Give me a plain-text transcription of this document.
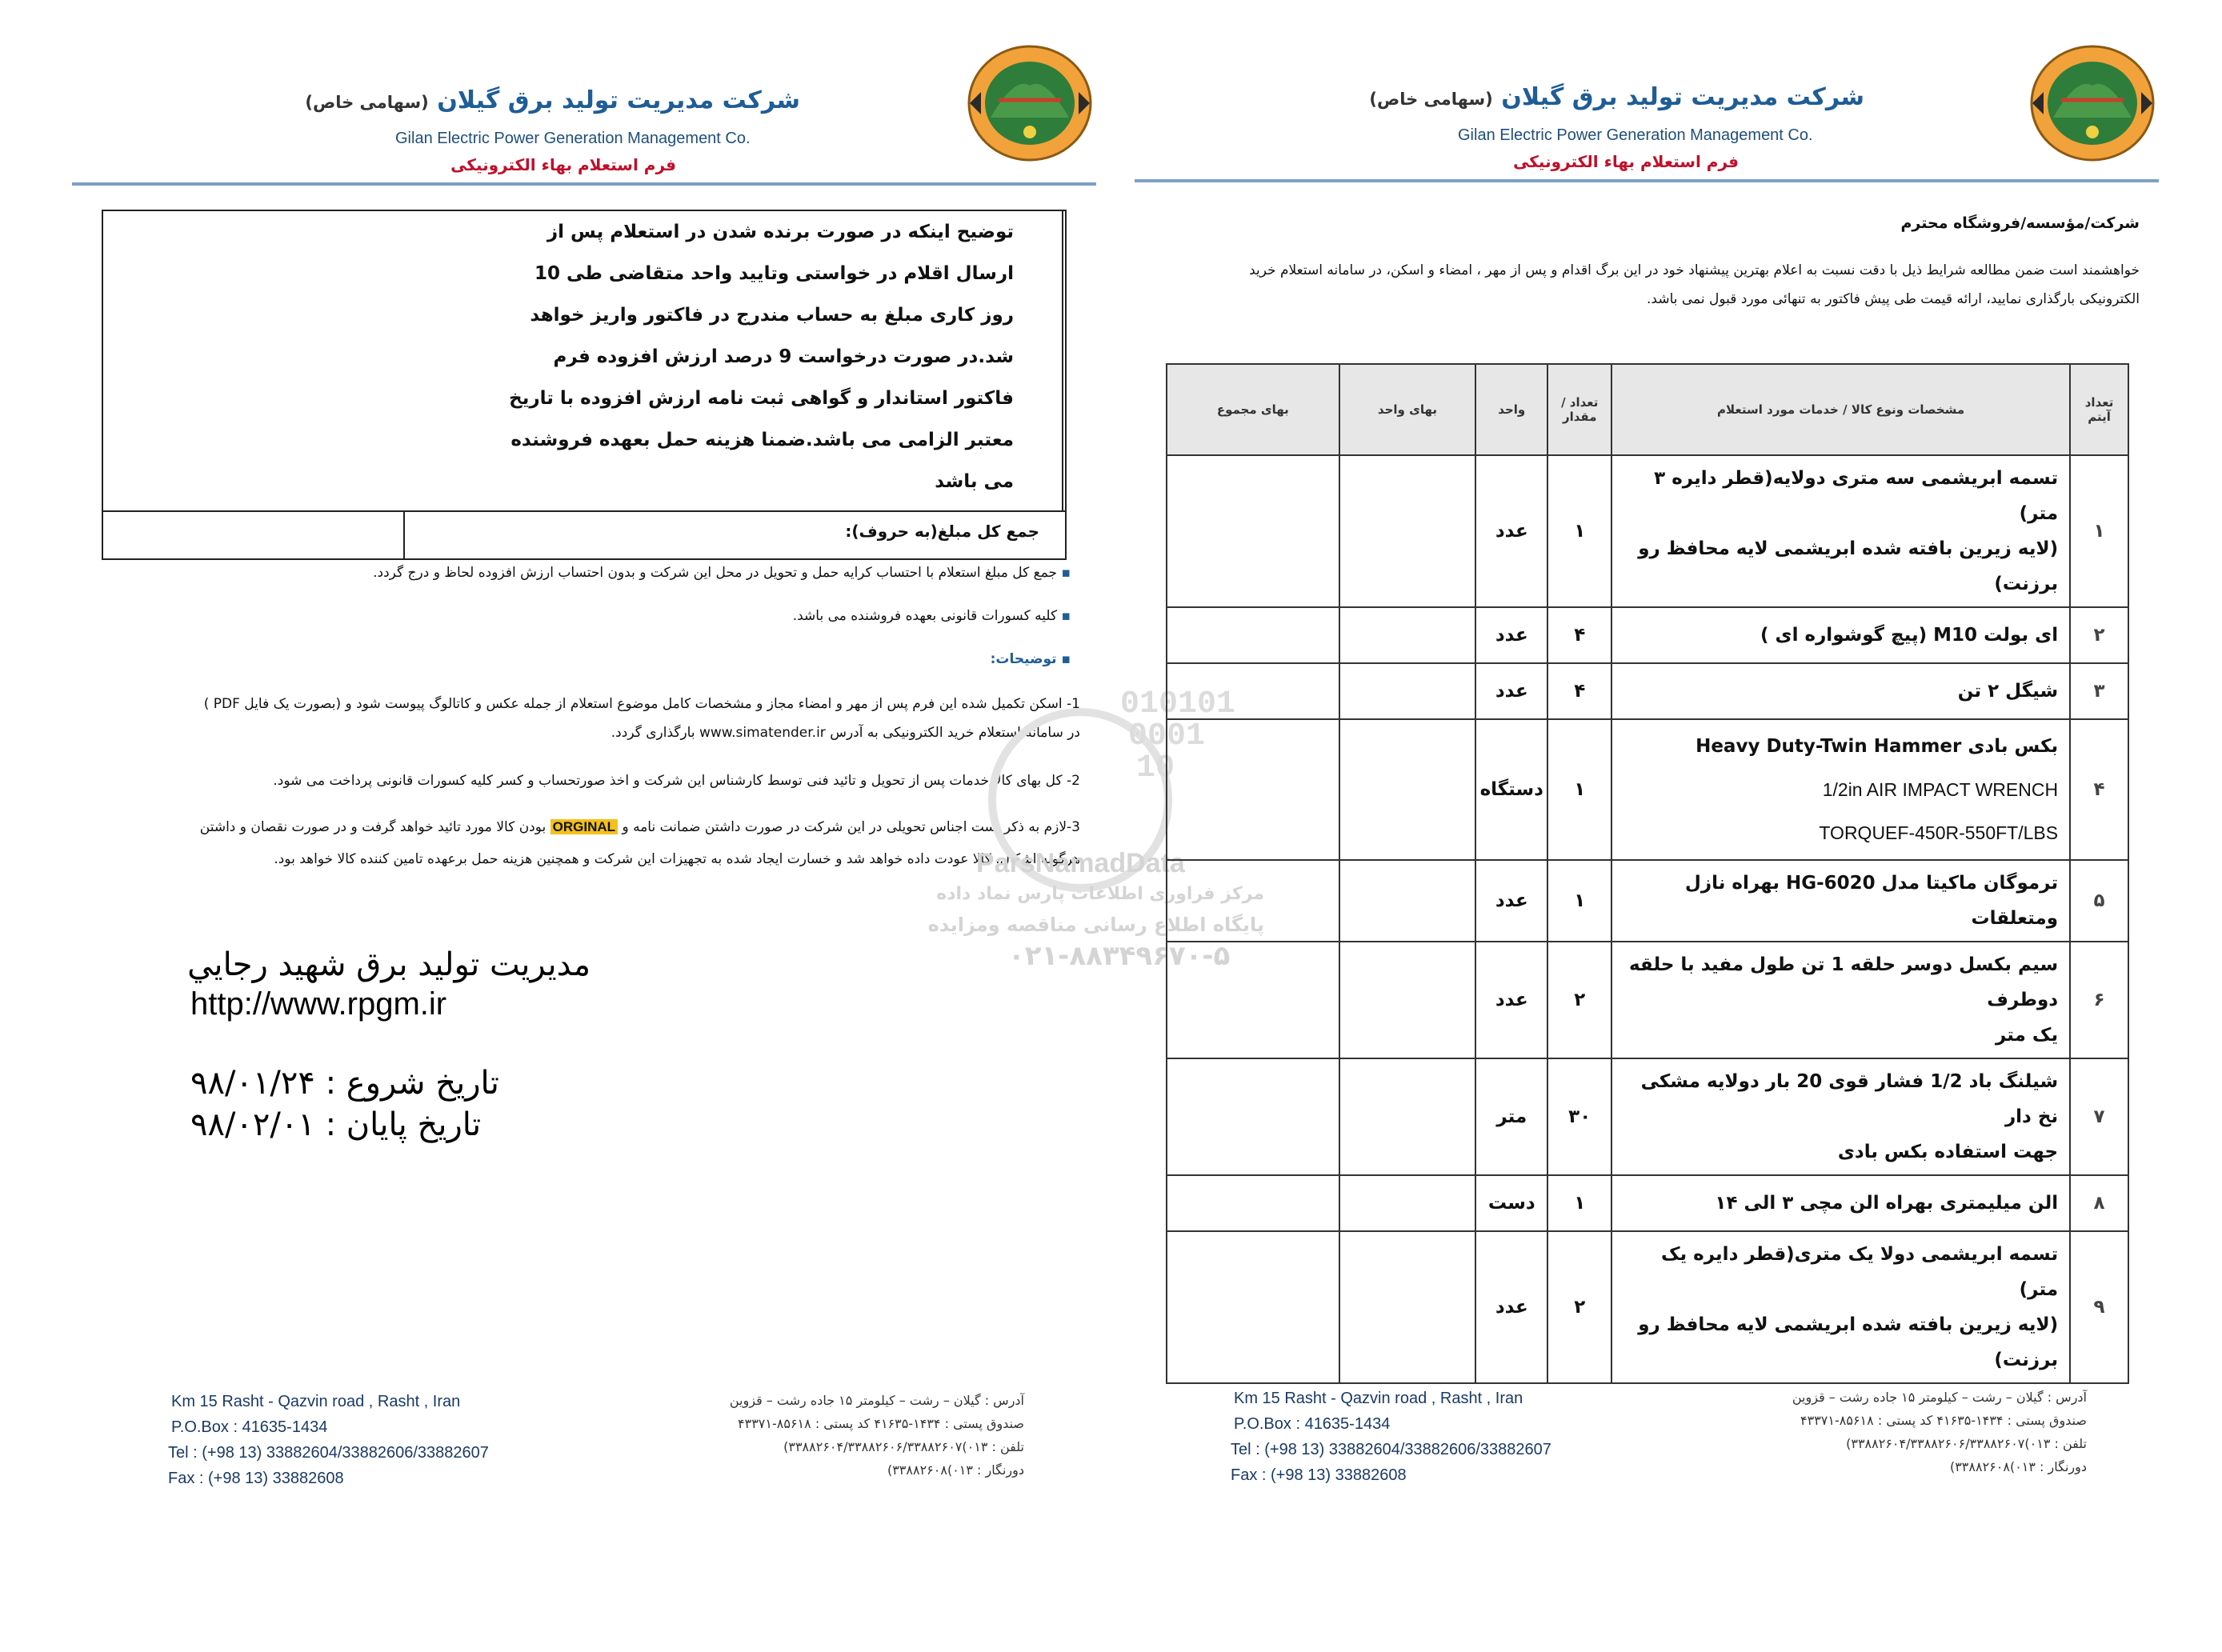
شرکت مدیریت تولید برق گیلان (سهامی خاص)
Gilan Electric Power Generation Management Co.
فرم استعلام بهاء الکترونیکی
شرکت مدیریت تولید برق گیلان (سهامی خاص)
Gilan Electric Power Generation Management Co.
فرم استعلام بهاء الکترونیکی
توضیح اینکه در صورت برنده شدن در استعلام پس از
ارسال اقلام در خواستی وتایید واحد متقاضی طی 10
روز کاری مبلغ به حساب مندرج در فاکتور واریز خواهد
شد.در صورت درخواست 9 درصد ارزش افزوده فرم
فاکتور استاندار و گواهی ثبت نامه ارزش افزوده با تاریخ
معتبر الزامی می باشد.ضمنا هزینه حمل بعهده فروشنده
می باشد
جمع کل مبلغ(به حروف):
▪ جمع کل مبلغ استعلام با احتساب کرایه حمل و تحویل در محل این شرکت و بدون احتساب ارزش افزوده لحاظ و درج گردد.
▪ کلیه کسورات قانونی بعهده فروشنده می باشد.
▪ توضیحات:
1- اسکن تکمیل شده این فرم پس از مهر و امضاء مجاز و مشخصات کامل موضوع استعلام از جمله عکس و کاتالوگ پیوست شود و (بصورت یک فایل PDF )
در سامانه استعلام خرید الکترونیکی به آدرس www.simatender.ir بارگذاری گردد.
2- کل بهای کالا/خدمات پس از تحویل و تائید فنی توسط کارشناس این شرکت و اخذ صورتحساب و کسر کلیه کسورات قانونی پرداخت می شود.
3-لازم به ذکر است اجناس تحویلی در این شرکت در صورت داشتن ضمانت نامه و ORGINAL بودن کالا مورد تائید خواهد گرفت و در صورت نقصان و داشتن
هرگونه اشکال، کالا عودت داده خواهد شد و خسارت ایجاد شده به تجهیزات این شرکت و همچنین هزینه حمل برعهده تامین کننده کالا خواهد بود.
مديريت توليد برق شهيد رجايي
http://www.rpgm.ir
تاريخ شروع : ۹۸/۰۱/۲۴
تاريخ پايان : ۹۸/۰۲/۰۱
010101
0001
10
ParsNamadData
مرکز فراوری اطلاعات پارس نماد داده
پایگاه اطلاع رسانی مناقصه ومزایده
۰۲۱-۸۸۳۴۹۶۷۰-۵
شرکت/مؤسسه/فروشگاه محترم
خواهشمند است ضمن مطالعه شرایط ذیل با دقت نسبت به اعلام بهترین پیشنهاد خود در این برگ اقدام و پس از مهر ، امضاء و اسکن، در سامانه استعلام خرید
الکترونیکی بارگذاری نمایید، ارائه قیمت طی پیش فاکتور به تنهائی مورد قبول نمی باشد.
تعداد آیتم	مشخصات ونوع کالا / خدمات مورد استعلام	تعداد / مقدار	واحد	بهای واحد	بهای مجموع
۱	تسمه ابریشمی سه متری دولایه(قطر دایره ۳ متر)
(لایه زیرین بافته شده ابریشمی لایه محافظ رو برزنت)	۱	عدد		
۲	ای بولت M10 (پیچ گوشواره ای )	۴	عدد		
۳	شیگل ۲ تن	۴	عدد		
۴	بکس بادی Heavy Duty-Twin Hammer
1/2in AIR IMPACT WRENCH
TORQUEF-450R-550FT/LBS	۱	دستگاه		
۵	ترموگان ماکیتا مدل HG-6020 بهراه نازل ومتعلقات	۱	عدد		
۶	سیم بکسل دوسر حلقه 1 تن طول مفید با حلقه دوطرف
یک متر	۲	عدد		
۷	شیلنگ باد 1/2 فشار قوی 20 بار دولایه مشکی نخ دار
جهت استفاده بکس بادی	۳۰	متر		
۸	الن میلیمتری بهراه الن مچی ۳ الی ۱۴	۱	دست		
۹	تسمه ابریشمی دولا یک متری(قطر دایره یک متر)
(لایه زیرین بافته شده ابریشمی لایه محافظ رو برزنت)	۲	عدد		
Km 15 Rasht - Qazvin road , Rasht , Iran
P.O.Box : 41635-1434
Tel : (+98 13) 33882604/33882606/33882607
Fax : (+98 13) 33882608
آدرس : گیلان – رشت – کیلومتر ۱۵ جاده رشت – قزوین
صندوق پستی : ۱۴۳۴-۴۱۶۳۵ کد پستی : ۸۵۶۱۸-۴۳۳۷۱
تلفن : ۰۱۳)۳۳۸۸۲۶۰۴/۳۳۸۸۲۶۰۶/۳۳۸۸۲۶۰۷)
دورنگار : ۰۱۳)۳۳۸۸۲۶۰۸)
Km 15 Rasht - Qazvin road , Rasht , Iran
P.O.Box : 41635-1434
Tel : (+98 13) 33882604/33882606/33882607
Fax : (+98 13) 33882608
آدرس : گیلان – رشت – کیلومتر ۱۵ جاده رشت – قزوین
صندوق پستی : ۱۴۳۴-۴۱۶۳۵ کد پستی : ۸۵۶۱۸-۴۳۳۷۱
تلفن : ۰۱۳)۳۳۸۸۲۶۰۴/۳۳۸۸۲۶۰۶/۳۳۸۸۲۶۰۷)
دورنگار : ۰۱۳)۳۳۸۸۲۶۰۸)
